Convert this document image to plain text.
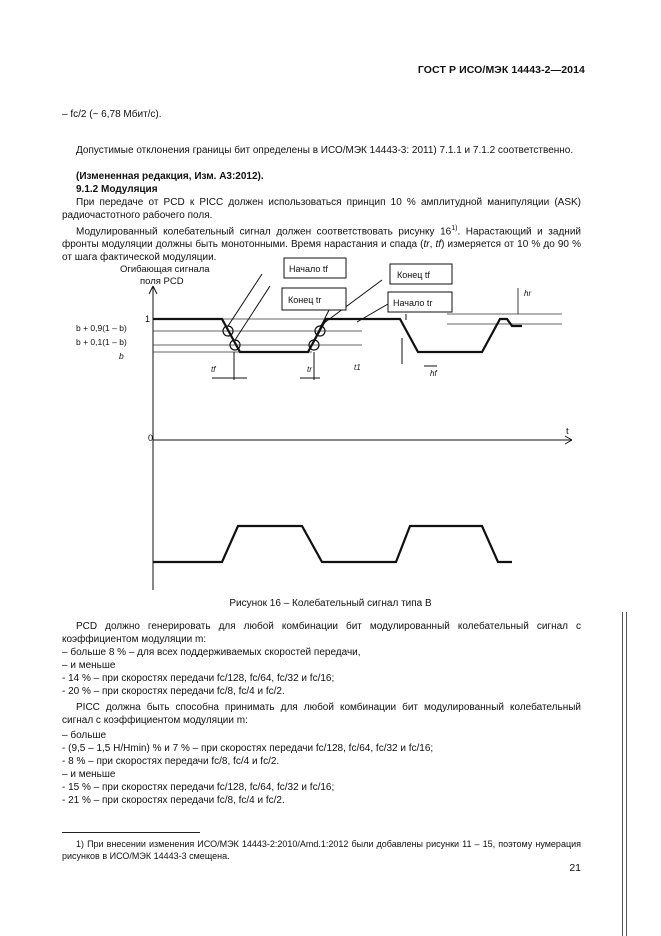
ГОСТ Р ИСО/МЭК 14443-2—2014
– fc/2 (~ 6,78 Мбит/с).
Допустимые отклонения границы бит определены в ИСО/МЭК 14443-3: 2011) 7.1.1 и 7.1.2 соответственно.
(Измененная редакция, Изм. А3:2012).
9.1.2 Модуляция
При передаче от PCD к PICC должен использоваться принцип 10 % амплитудной манипуляции (ASK) радиочастотного рабочего поля.
Модулированный колебательный сигнал должен соответствовать рисунку 16$^{1)}$. Нарастающий и задний фронты модуляции должны быть монотонными. Время нарастания и спада (tr, tf) измеряется от 10 % до 90 % от шага фактической модуляции.
Огибающая сигнала
поля PCD
1
b + 0,9(1 – b)
b + 0,1(1 – b)
b
0
t
Начало tf
Конец tf
Конец tr	Начало tr
tf	tr	t1
hf
hr
Рисунок 16 – Колебательный сигнал типа В
PCD должно генерировать для любой комбинации бит модулированный колебательный сигнал с коэффициентом модуляции m:
– больше 8 % – для всех поддерживаемых скоростей передачи,
– и меньше
- 14 % – при скоростях передачи fc/128, fc/64, fc/32 и fc/16;
- 20 % – при скоростях передачи fc/8, fc/4 и fc/2.
PICC должна быть способна принимать для любой комбинации бит модулированный колебательный сигнал с коэффициентом модуляции m:
– больше
- (9,5 – 1,5 H/Hmin) % и 7 % – при скоростях передачи fc/128, fc/64, fc/32 и fc/16;
- 8 % – при скоростях передачи fc/8, fc/4 и fc/2.
– и меньше
- 15 % – при скоростях передачи fc/128, fc/64, fc/32 и fc/16;
- 21 % – при скоростях передачи fc/8, fc/4 и fc/2.
1) При внесении изменения ИСО/МЭК 14443-2:2010/Amd.1:2012 были добавлены рисунки 11 – 15, поэтому нумерация рисунков в ИСО/МЭК 14443-3 смещена.
21
